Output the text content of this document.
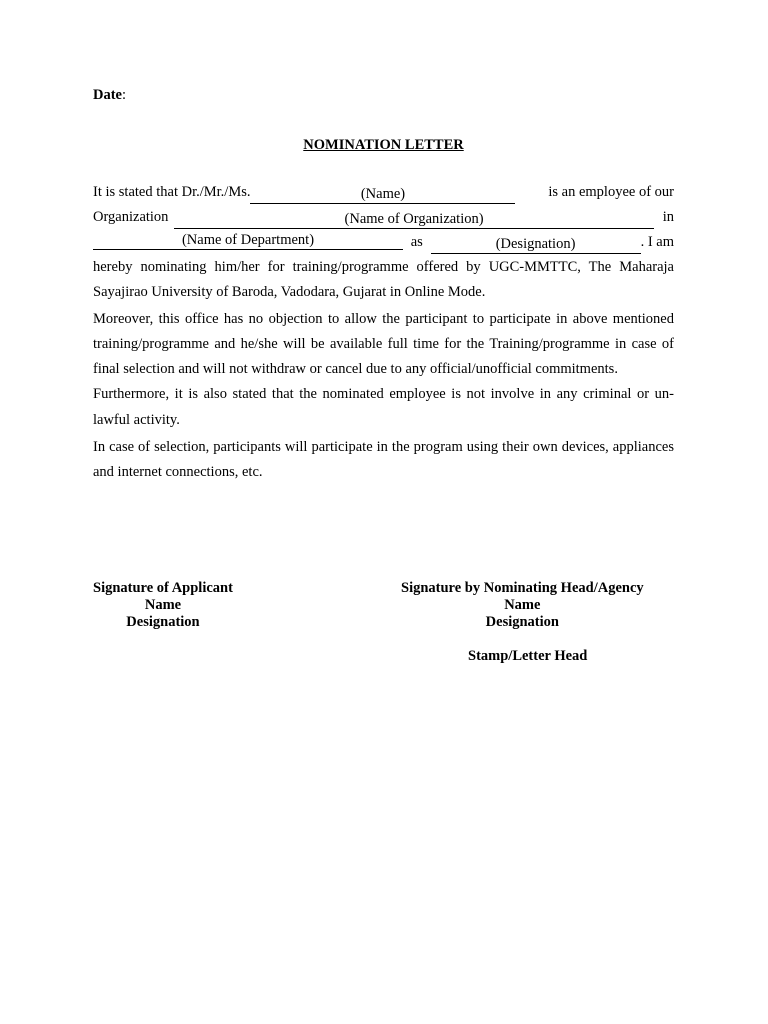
Date:
NOMINATION LETTER
It is stated that Dr./Mr./Ms.	(Name)	is an employee of our
Organization	(Name of Organization)	in
(Name of Department)	as	(Designation)	. I am

hereby nominating him/her for training/programme offered by UGC-MMTTC, The Maharaja Sayajirao University of Baroda, Vadodara, Gujarat in Online Mode.

Moreover, this office has no objection to allow the participant to participate in above mentioned training/programme and he/she will be available full time for the Training/programme in case of final selection and will not withdraw or cancel due to any official/unofficial commitments.

Furthermore, it is also stated that the nominated employee is not involve in any criminal or un-lawful activity.

In case of selection, participants will participate in the program using their own devices, appliances and internet connections, etc.

Signature of Applicant
Name
Designation
Signature by Nominating Head/Agency
Name
Designation
Stamp/Letter Head
